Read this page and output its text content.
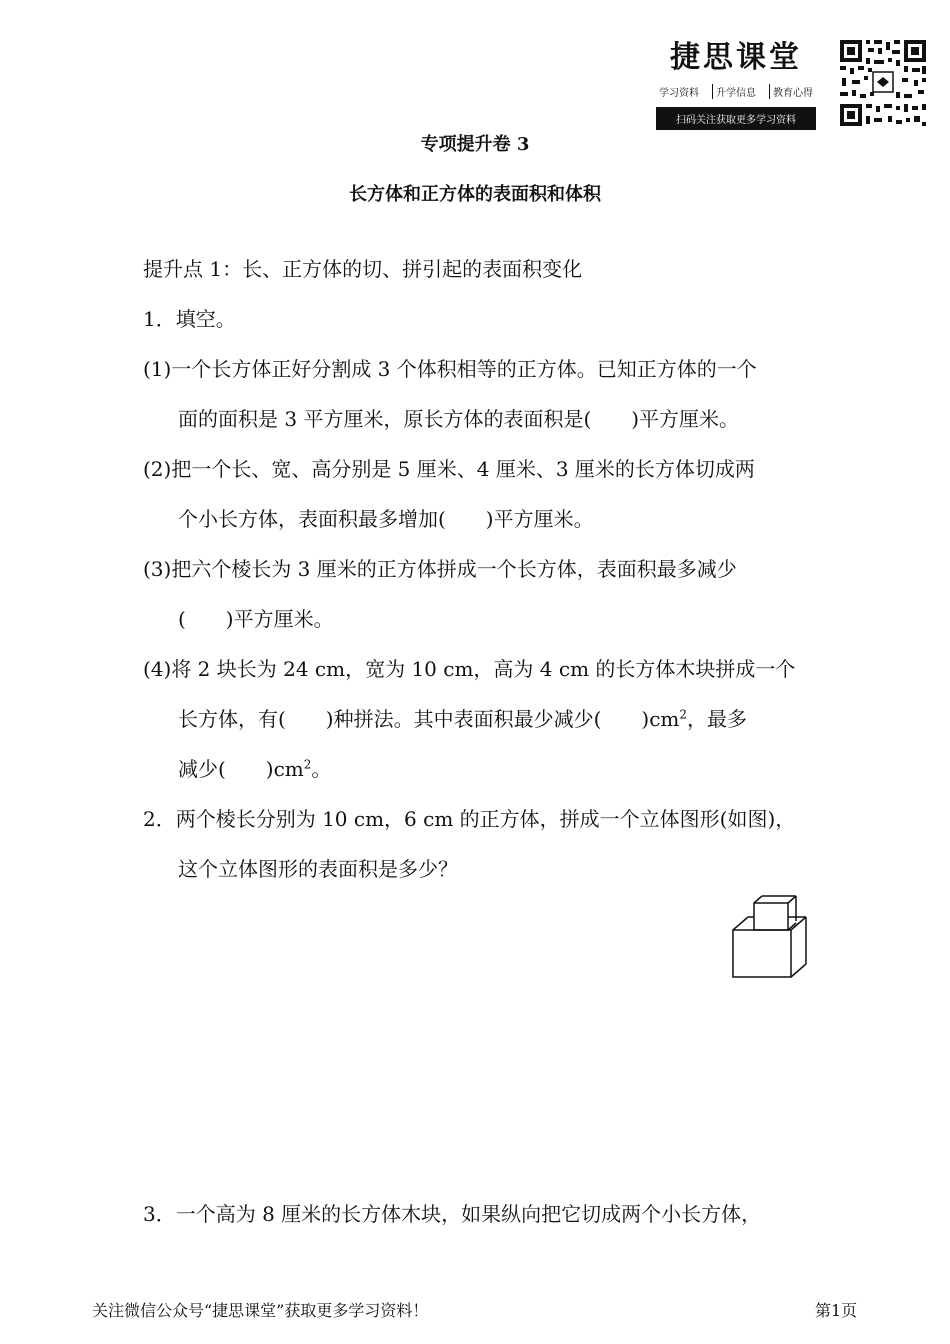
捷思课堂
学习资料	升学信息	教育心得
扫码关注获取更多学习资料
专项提升卷 3
长方体和正方体的表面积和体积
提升点 1：长、正方体的切、拼引起的表面积变化
1．填空。
(1)一个长方体正好分割成 3 个体积相等的正方体。已知正方体的一个
面的面积是 3 平方厘米，原长方体的表面积是(　　)平方厘米。
(2)把一个长、宽、高分别是 5 厘米、4 厘米、3 厘米的长方体切成两
个小长方体，表面积最多增加(　　)平方厘米。
(3)把六个棱长为 3 厘米的正方体拼成一个长方体，表面积最多减少
(　　)平方厘米。
(4)将 2 块长为 24 cm，宽为 10 cm，高为 4 cm 的长方体木块拼成一个
长方体，有(　　)种拼法。其中表面积最少减少(　　)$cm^2$，最多
减少(　　)$cm^2$。
2．两个棱长分别为 10 cm，6 cm 的正方体，拼成一个立体图形(如图)，
这个立体图形的表面积是多少？
3．一个高为 8 厘米的长方体木块，如果纵向把它切成两个小长方体，
关注微信公众号“捷思课堂”获取更多学习资料！	第1页
